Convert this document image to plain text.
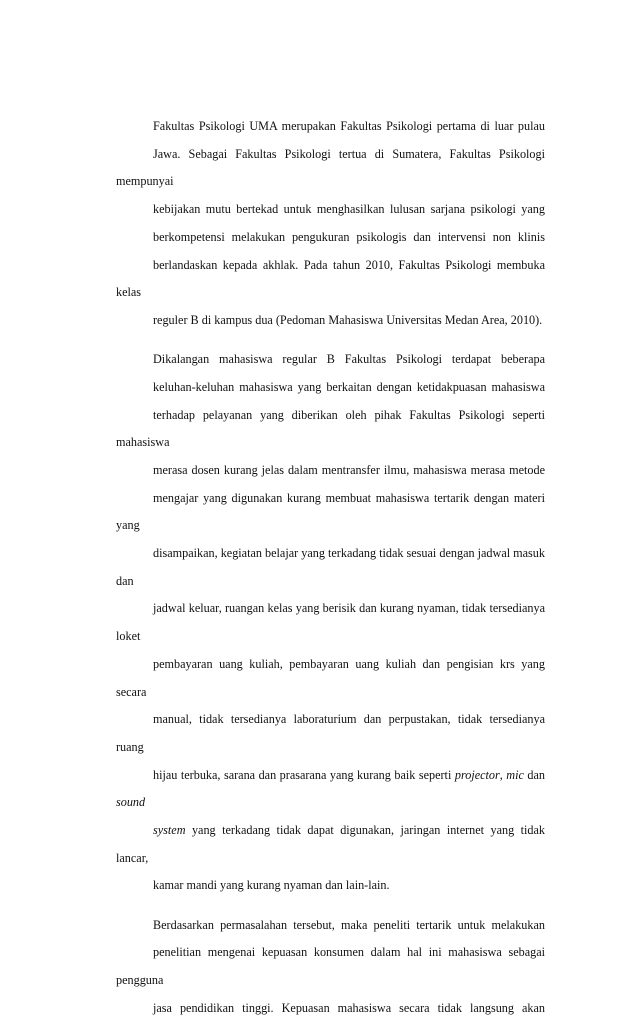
Fakultas Psikologi UMA merupakan Fakultas Psikologi pertama di luar pulau
Jawa. Sebagai Fakultas Psikologi tertua di Sumatera, Fakultas Psikologi mempunyai
kebijakan mutu bertekad untuk menghasilkan lulusan sarjana psikologi yang
berkompetensi melakukan pengukuran psikologis dan intervensi non klinis
berlandaskan kepada akhlak. Pada tahun 2010, Fakultas Psikologi membuka kelas
reguler B di kampus dua (Pedoman Mahasiswa Universitas Medan Area, 2010).
Dikalangan mahasiswa regular B Fakultas Psikologi terdapat beberapa
keluhan-keluhan mahasiswa yang berkaitan dengan ketidakpuasan mahasiswa
terhadap pelayanan yang diberikan oleh pihak Fakultas Psikologi seperti mahasiswa
merasa dosen kurang jelas dalam mentransfer ilmu, mahasiswa merasa metode
mengajar yang digunakan kurang membuat mahasiswa tertarik dengan materi yang
disampaikan, kegiatan belajar yang terkadang tidak sesuai dengan jadwal masuk dan
jadwal keluar, ruangan kelas yang berisik dan kurang nyaman, tidak tersedianya loket
pembayaran uang kuliah, pembayaran uang kuliah dan pengisian krs yang secara
manual, tidak tersedianya laboraturium dan perpustakan, tidak tersedianya ruang
hijau terbuka, sarana dan prasarana yang kurang baik seperti projector, mic dan sound
system yang terkadang tidak dapat digunakan, jaringan internet yang tidak lancar,
kamar mandi yang kurang nyaman dan lain-lain.
Berdasarkan permasalahan tersebut, maka peneliti tertarik untuk melakukan
penelitian mengenai kepuasan konsumen dalam hal ini mahasiswa sebagai pengguna
jasa pendidikan tinggi. Kepuasan mahasiswa secara tidak langsung akan
